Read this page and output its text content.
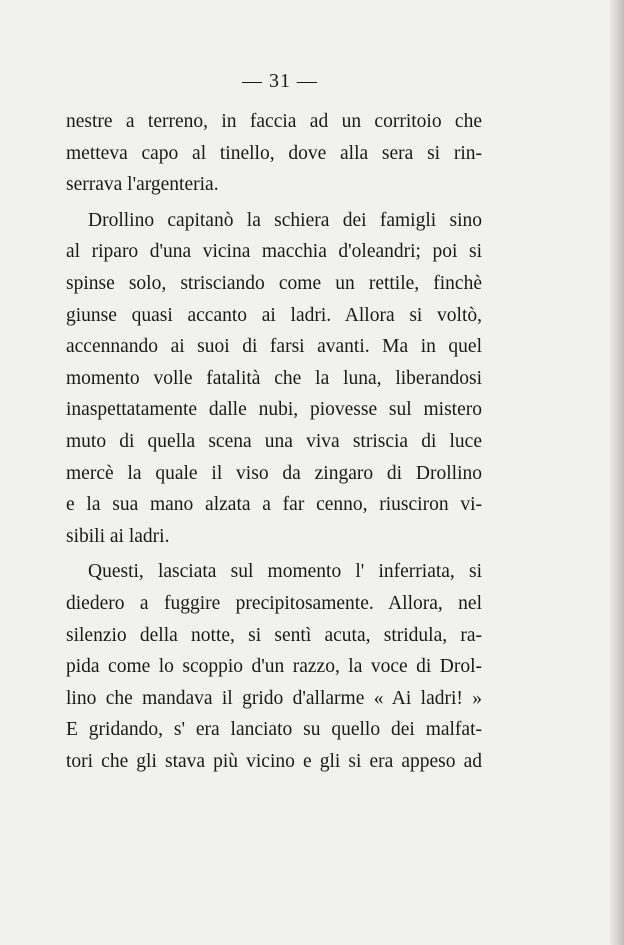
— 31 —
nestre a terreno, in faccia ad un corritoio che
metteva capo al tinello, dove alla sera si rin-
serrava l'argenteria.
Drollino capitanò la schiera dei famigli sino
al riparo d'una vicina macchia d'oleandri; poi si
spinse solo, strisciando come un rettile, finchè
giunse quasi accanto ai ladri. Allora si voltò,
accennando ai suoi di farsi avanti. Ma in quel
momento volle fatalità che la luna, liberandosi
inaspettatamente dalle nubi, piovesse sul mistero
muto di quella scena una viva striscia di luce
mercè la quale il viso da zingaro di Drollino
e la sua mano alzata a far cenno, riusciron vi-
sibili ai ladri.
Questi, lasciata sul momento l' inferriata, si
diedero a fuggire precipitosamente. Allora, nel
silenzio della notte, si sentì acuta, stridula, ra-
pida come lo scoppio d'un razzo, la voce di Drol-
lino che mandava il grido d'allarme « Ai ladri! »
E gridando, s' era lanciato su quello dei malfat-
tori che gli stava più vicino e gli si era appeso ad
